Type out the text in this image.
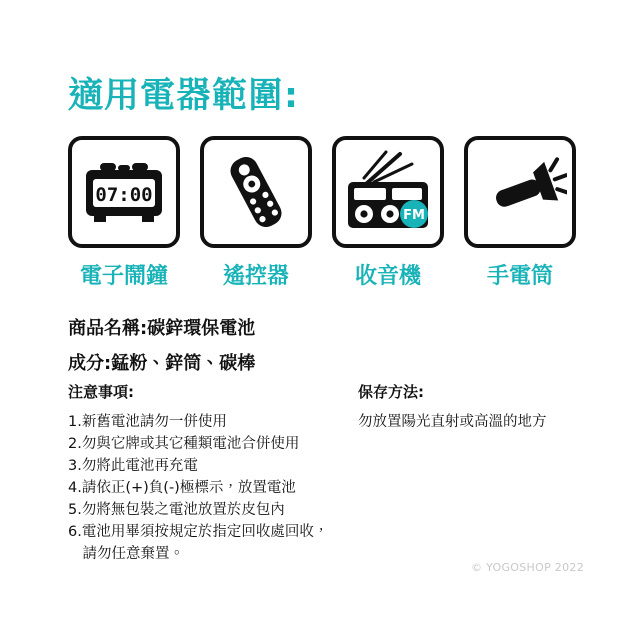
適用電器範圍:
07:00
電子鬧鐘 遙控器
FM
收音機	手電筒
商品名稱:碳鋅環保電池
成分:錳粉、鋅筒、碳棒
注意事項:
1.新舊電池請勿一併使用
2.勿與它牌或其它種類電池合併使用
3.勿將此電池再充電
4.請依正(+)負(-)極標示，放置電池
5.勿將無包裝之電池放置於皮包內
6.電池用畢須按規定於指定回收處回收，
　請勿任意棄置。
保存方法:
勿放置陽光直射或高溫的地方
© YOGOSHOP 2022
